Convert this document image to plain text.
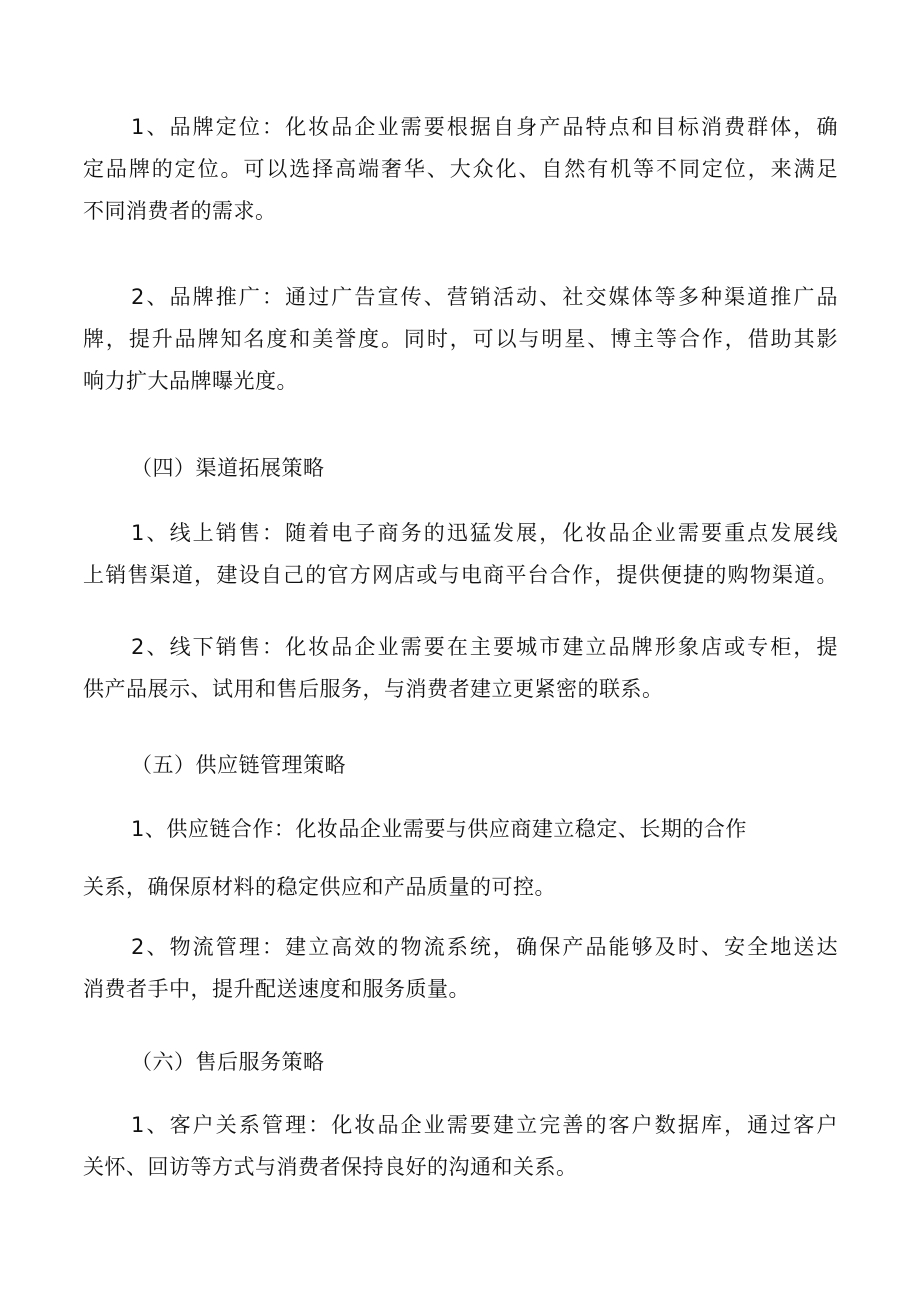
1、品牌定位：化妆品企业需要根据自身产品特点和目标消费群体，确
定品牌的定位。可以选择高端奢华、大众化、自然有机等不同定位，来满足
不同消费者的需求。

2、品牌推广：通过广告宣传、营销活动、社交媒体等多种渠道推广品
牌，提升品牌知名度和美誉度。同时，可以与明星、博主等合作，借助其影
响力扩大品牌曝光度。

（四）渠道拓展策略

1、线上销售：随着电子商务的迅猛发展，化妆品企业需要重点发展线
上销售渠道，建设自己的官方网店或与电商平台合作，提供便捷的购物渠道。

2、线下销售：化妆品企业需要在主要城市建立品牌形象店或专柜，提
供产品展示、试用和售后服务，与消费者建立更紧密的联系。

（五）供应链管理策略

1、供应链合作：化妆品企业需要与供应商建立稳定、长期的合作

关系，确保原材料的稳定供应和产品质量的可控。

2、物流管理：建立高效的物流系统，确保产品能够及时、安全地送达
消费者手中，提升配送速度和服务质量。

（六）售后服务策略

1、客户关系管理：化妆品企业需要建立完善的客户数据库，通过客户
关怀、回访等方式与消费者保持良好的沟通和关系。
